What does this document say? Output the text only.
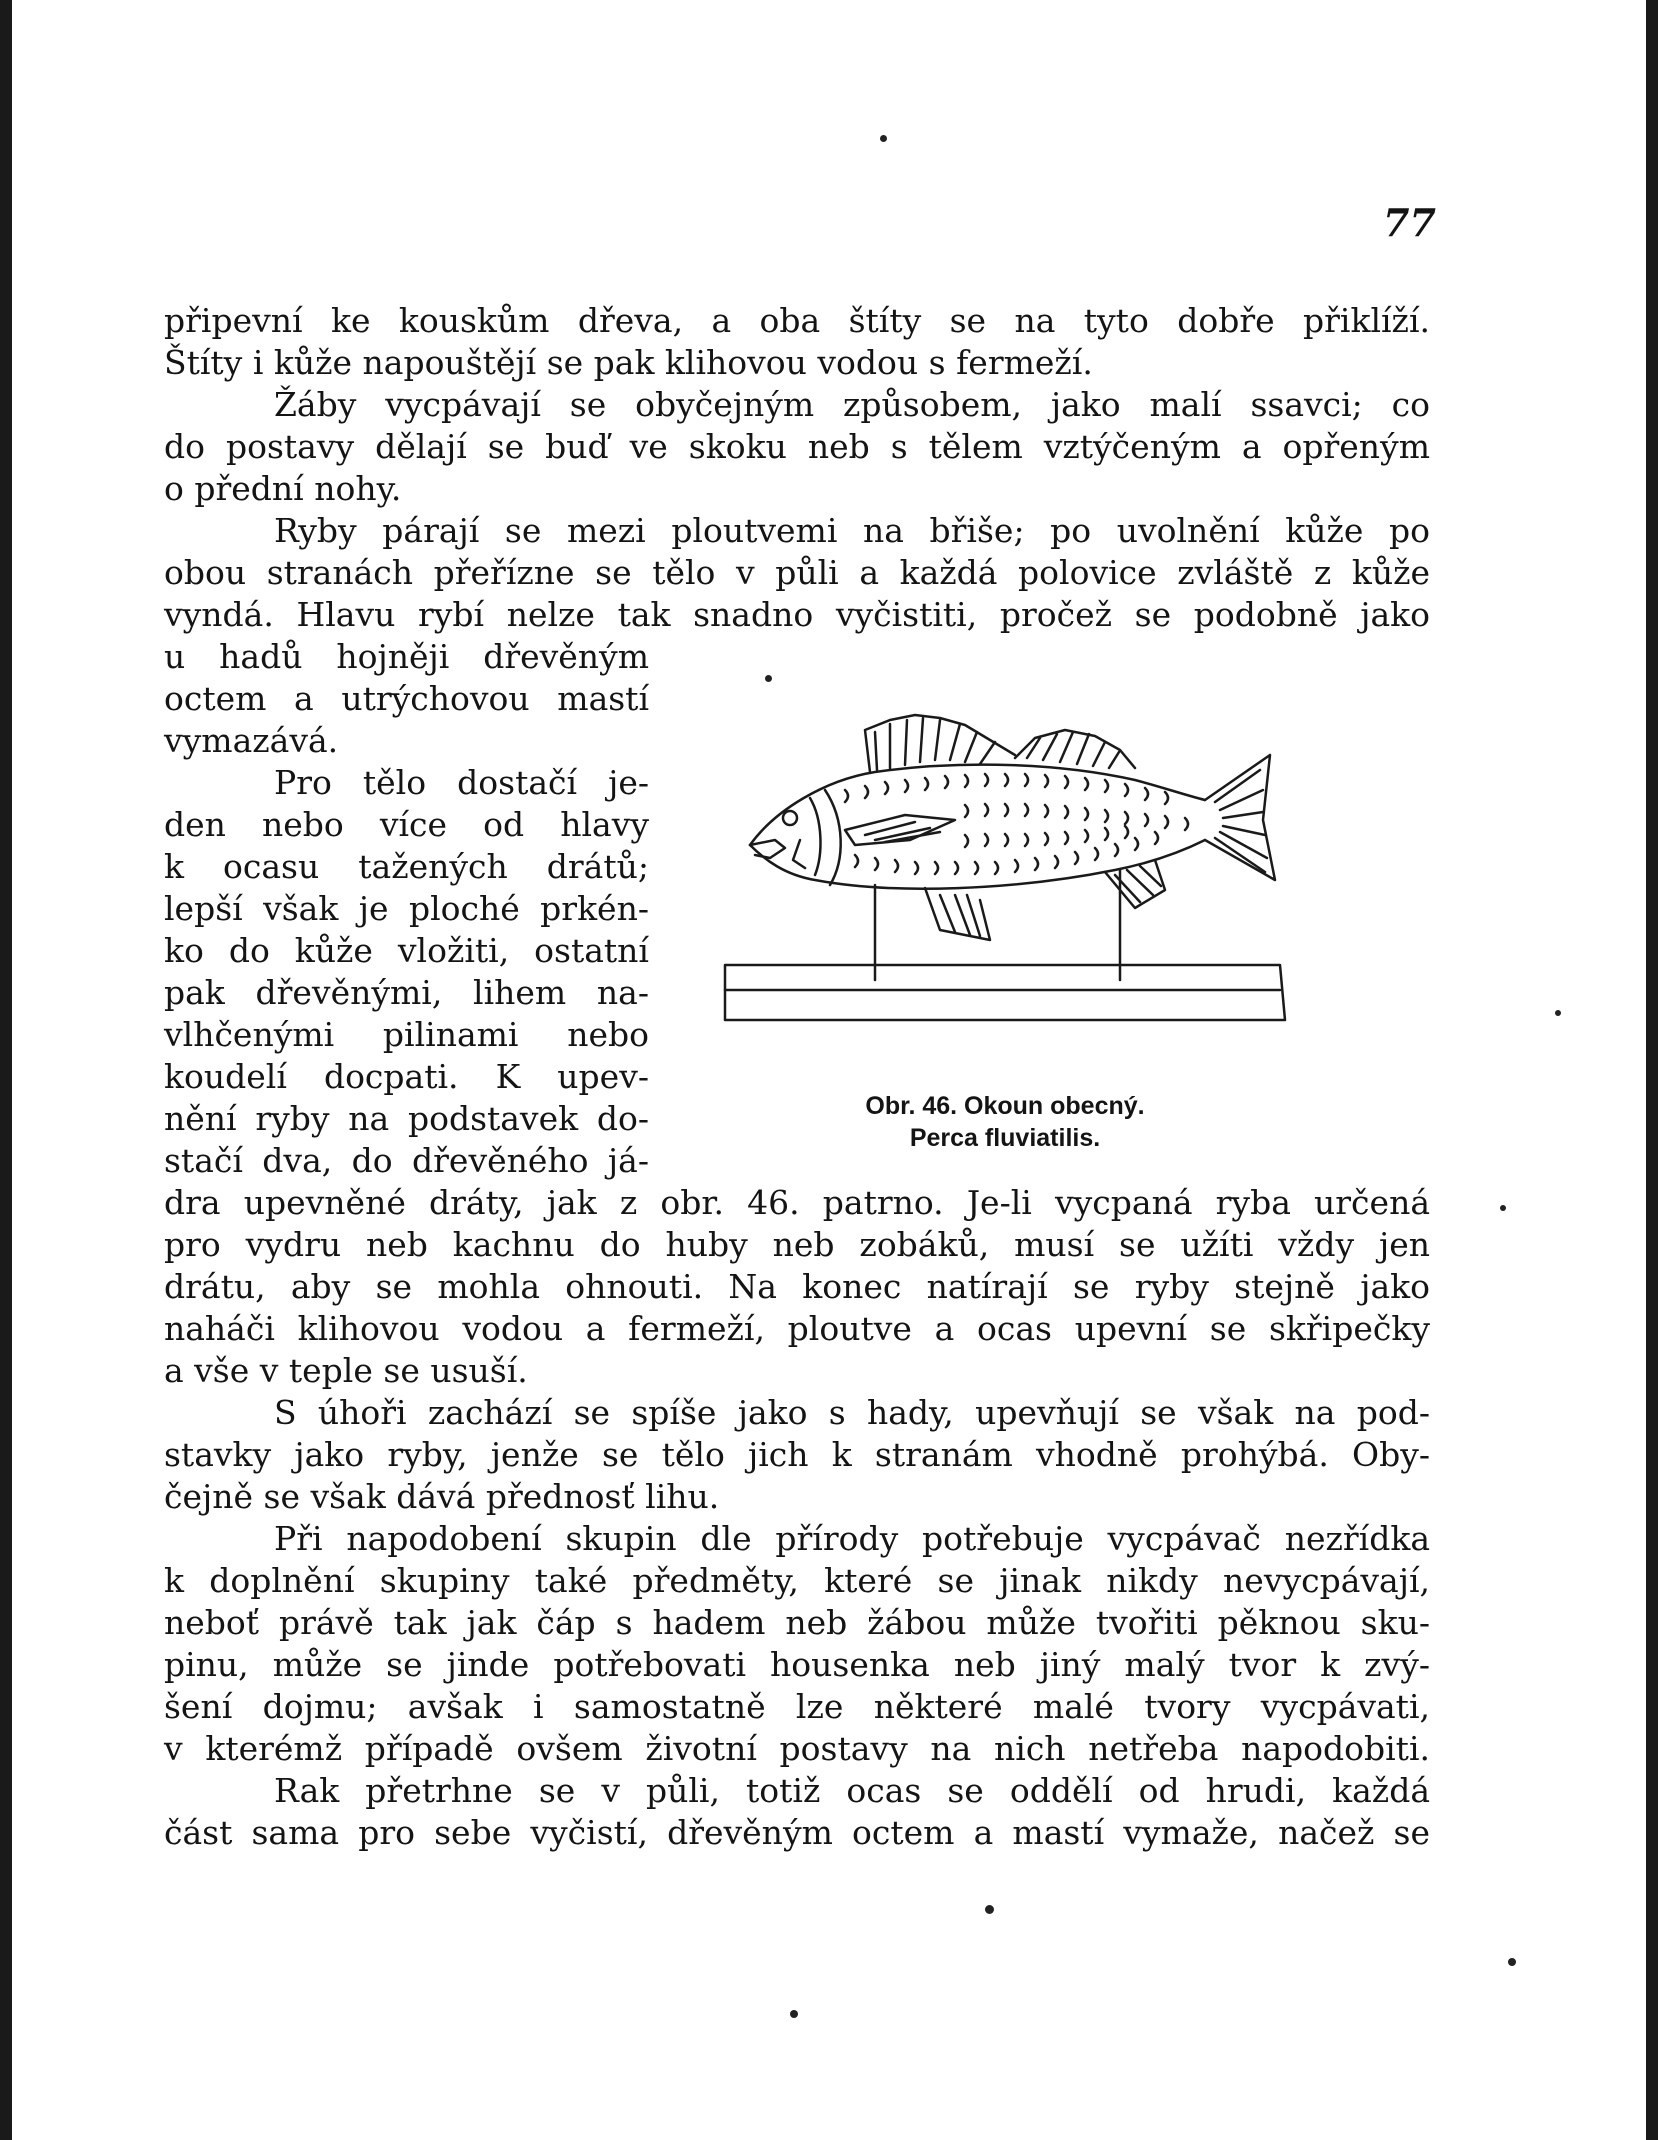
77
připevní ke kouskům dřeva, a oba štíty se na tyto dobře přiklíží.
Štíty i kůže napouštějí se pak klihovou vodou s fermeží.
Žáby vycpávají se obyčejným způsobem, jako malí ssavci; co
do postavy dělají se buď ve skoku neb s tělem vztýčeným a opřeným
o přední nohy.
Ryby párají se mezi ploutvemi na břiše; po uvolnění kůže po
obou stranách přeřízne se tělo v půli a každá polovice zvláště z kůže
vyndá. Hlavu rybí nelze tak snadno vyčistiti, pročež se podobně jako
u hadů hojněji dřevěným
octem a utrýchovou mastí
vymazává.
Pro tělo dostačí je-
den nebo více od hlavy
k ocasu tažených drátů;
lepší však je ploché prkén-
ko do kůže vložiti, ostatní
pak dřevěnými, lihem na-
vlhčenými pilinami nebo
koudelí docpati. K upev-
nění ryby na podstavek do-
stačí dva, do dřevěného já-
Obr. 46. Okoun obecný.
Perca fluviatilis.
dra upevněné dráty, jak z obr. 46. patrno. Je-li vycpaná ryba určená
pro vydru neb kachnu do huby neb zobáků, musí se užíti vždy jen
drátu, aby se mohla ohnouti. Na konec natírají se ryby stejně jako
naháči klihovou vodou a fermeží, ploutve a ocas upevní se skřipečky
a vše v teple se usuší.
S úhoři zachází se spíše jako s hady, upevňují se však na pod-
stavky jako ryby, jenže se tělo jich k stranám vhodně prohýbá. Oby-
čejně se však dává přednosť lihu.
Při napodobení skupin dle přírody potřebuje vycpávač nezřídka
k doplnění skupiny také předměty, které se jinak nikdy nevycpávají,
neboť právě tak jak čáp s hadem neb žábou může tvořiti pěknou sku-
pinu, může se jinde potřebovati housenka neb jiný malý tvor k zvý-
šení dojmu; avšak i samostatně lze některé malé tvory vycpávati,
v kterémž případě ovšem životní postavy na nich netřeba napodobiti.
Rak přetrhne se v půli, totiž ocas se oddělí od hrudi, každá
část sama pro sebe vyčistí, dřevěným octem a mastí vymaže, načež se
